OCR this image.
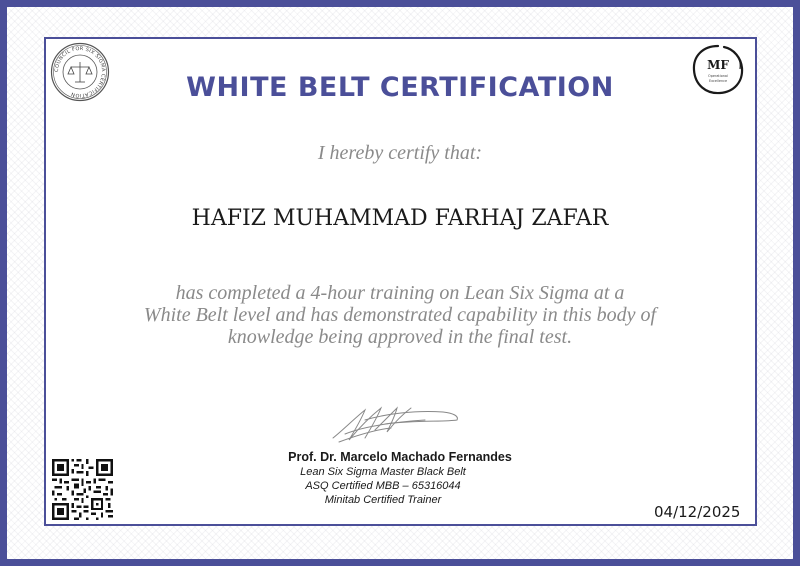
COUNCIL FOR SIX SIGMA CERTIFICATION
MF
Operational
Excellence
WHITE BELT CERTIFICATION
I hereby certify that:
HAFIZ MUHAMMAD FARHAJ ZAFAR
has completed a 4-hour training on Lean Six Sigma at a
White Belt level and has demonstrated capability in this body of
knowledge being approved in the final test.
Prof. Dr. Marcelo Machado Fernandes
Lean Six Sigma Master Black Belt
ASQ Certified MBB – 65316044
Minitab Certified Trainer
04/12/2025
